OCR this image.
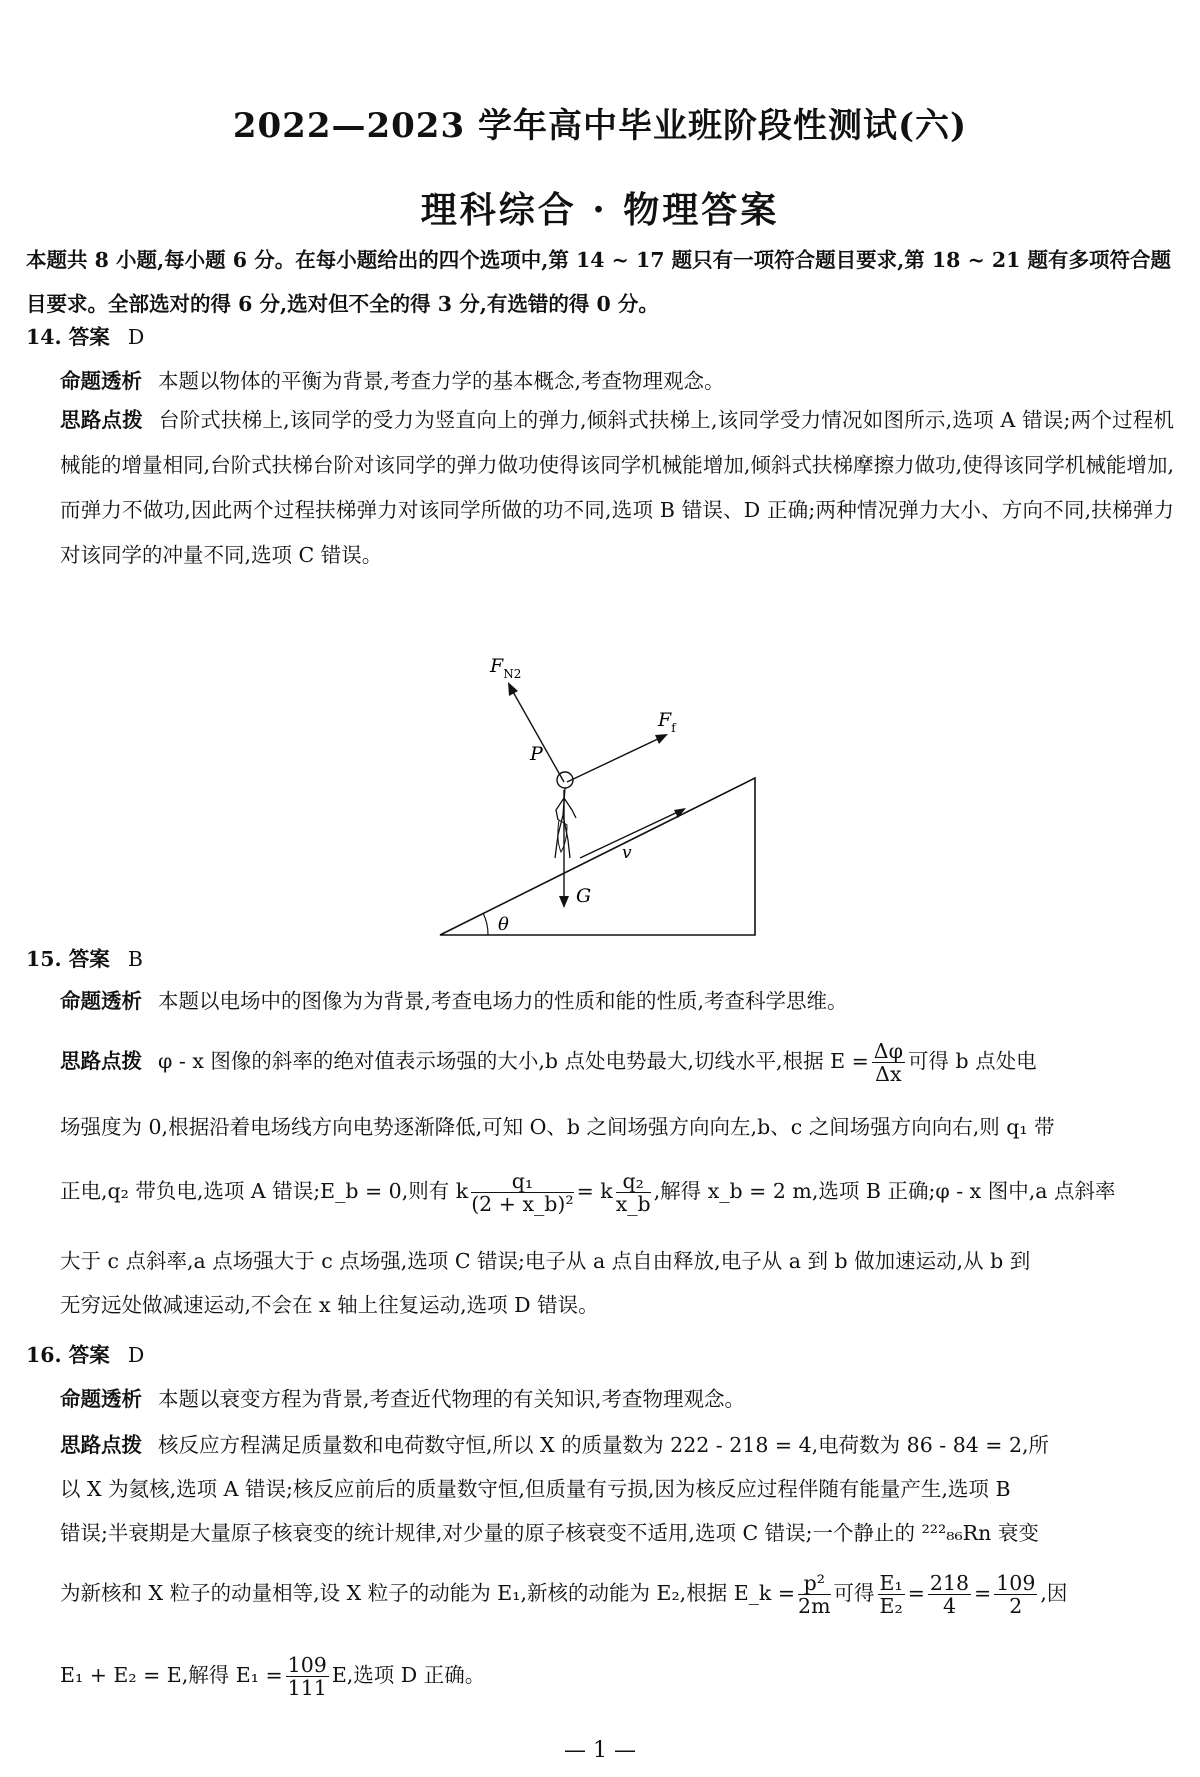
2022—2023 学年高中毕业班阶段性测试(六)
理科综合 · 物理答案
本题共 8 小题,每小题 6 分。在每小题给出的四个选项中,第 14 ~ 17 题只有一项符合题目要求,第 18 ~ 21 题有多项符合题目要求。全部选对的得 6 分,选对但不全的得 3 分,有选错的得 0 分。
14. 答案 D
命题透析 本题以物体的平衡为背景,考查力学的基本概念,考查物理观念。
思路点拨 台阶式扶梯上,该同学的受力为竖直向上的弹力,倾斜式扶梯上,该同学受力情况如图所示,选项 A 错误;两个过程机械能的增量相同,台阶式扶梯台阶对该同学的弹力做功使得该同学机械能增加,倾斜式扶梯摩擦力做功,使得该同学机械能增加,而弹力不做功,因此两个过程扶梯弹力对该同学所做的功不同,选项 B 错误、D 正确;两种情况弹力大小、方向不同,扶梯弹力对该同学的冲量不同,选项 C 错误。
θ
v
$F_{N2}$
$F_f$
P
G
15. 答案 B
命题透析 本题以电场中的图像为为背景,考查电场力的性质和能的性质,考查科学思维。
思路点拨 φ - x 图像的斜率的绝对值表示场强的大小,b 点处电势最大,切线水平,根据 $E = \frac{\Delta\varphi}{\Delta x}$ 可得 b 点处电
场强度为 0,根据沿着电场线方向电势逐渐降低,可知 O、b 之间场强方向向左,b、c 之间场强方向向右,则 q₁ 带
正电,q₂ 带负电,选项 A 错误;E_b = 0,则有 k $\frac{\text{q₁}}{\text{(2 + x\_b)²}} = k \frac{\text{q₂}}{x\_b}$ ,解得 x_b = 2 m,选项 B 正确;φ - x 图中,a 点斜率
大于 c 点斜率,a 点场强大于 c 点场强,选项 C 错误;电子从 a 点自由释放,电子从 a 到 b 做加速运动,从 b 到
无穷远处做减速运动,不会在 x 轴上往复运动,选项 D 错误。
16. 答案 D
命题透析 本题以衰变方程为背景,考查近代物理的有关知识,考查物理观念。
思路点拨 核反应方程满足质量数和电荷数守恒,所以 X 的质量数为 222 - 218 = 4,电荷数为 86 - 84 = 2,所
以 X 为氦核,选项 A 错误;核反应前后的质量数守恒,但质量有亏损,因为核反应过程伴随有能量产生,选项 B
错误;半衰期是大量原子核衰变的统计规律,对少量的原子核衰变不适用,选项 C 错误;一个静止的 ²²²₈₆Rn 衰变
为新核和 X 粒子的动量相等,设 X 粒子的动能为 E₁,新核的动能为 E₂,根据 E_k = $\frac{\text{p²}}{2m}$ 可得 $\frac{\text{E₁}}{\text{E₂}} = \frac{218}{4} = \frac{109}{2}$ ,因
E₁ + E₂ = E,解得 $E_1 = \frac{109}{111} E$,选项 D 正确。
— 1 —
